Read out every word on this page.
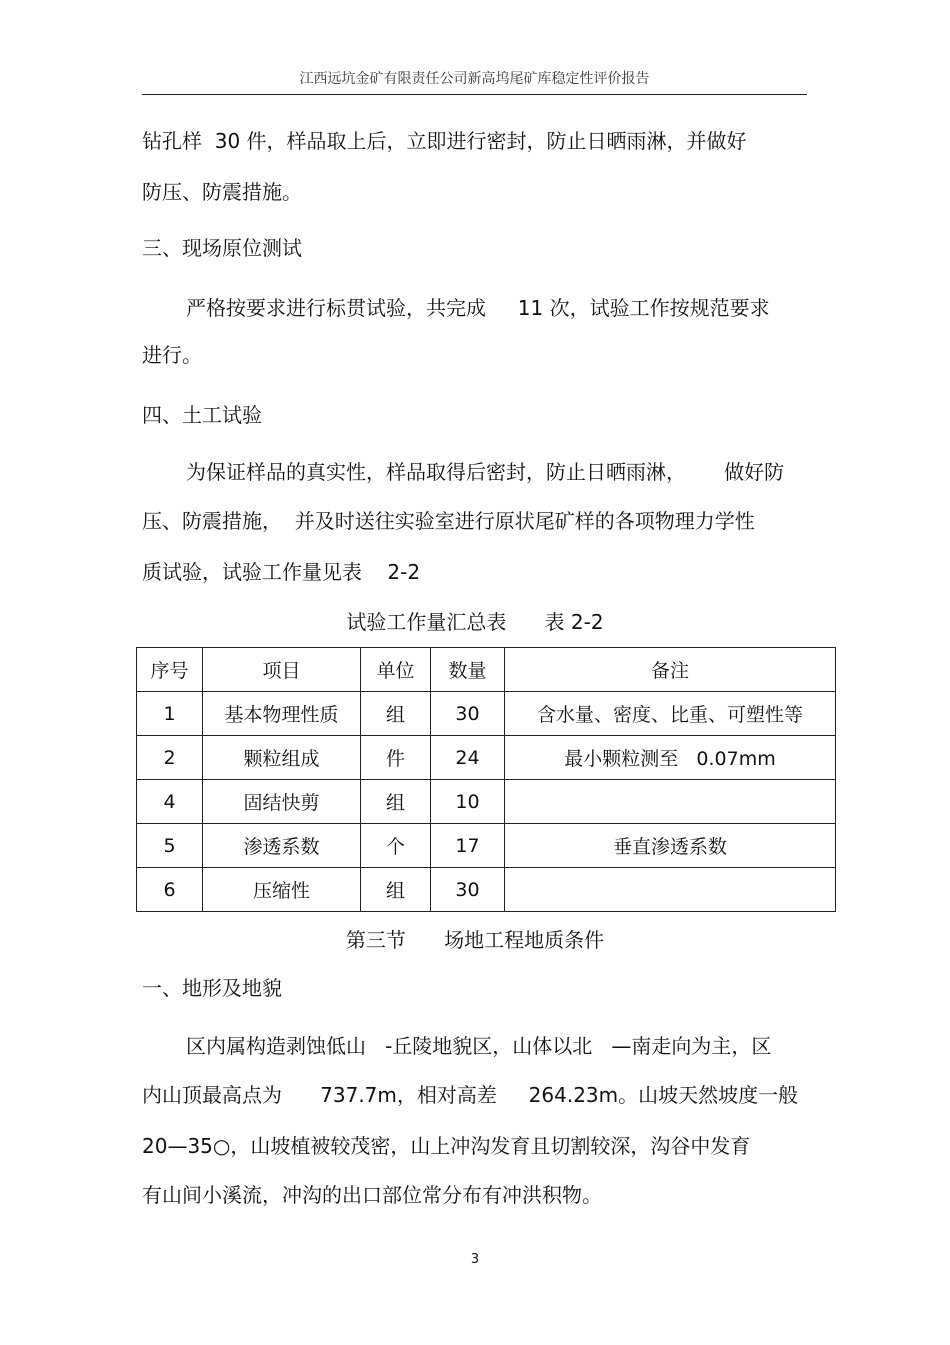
江西远坑金矿有限责任公司新高坞尾矿库稳定性评价报告
钻孔样  30 件，样品取上后，立即进行密封，防止日晒雨淋，并做好
防压、防震措施。
三、现场原位测试
严格按要求进行标贯试验，共完成     11 次，试验工作按规范要求
进行。
四、土工试验
为保证样品的真实性，样品取得后密封，防止日晒雨淋，      做好防
压、防震措施，  并及时送往实验室进行原状尾矿样的各项物理力学性
质试验，试验工作量见表    2-2
试验工作量汇总表      表 2-2
序号	项目	单位	数量	备注
1	基本物理性质	组	30	含水量、密度、比重、可塑性等
2	颗粒组成	件	24	最小颗粒测至   0.07mm
4	固结快剪	组	10	
5	渗透系数	个	17	垂直渗透系数
6	压缩性	组	30	
第三节      场地工程地质条件
一、地形及地貌
区内属构造剥蚀低山   -丘陵地貌区，山体以北   —南走向为主，区
内山顶最高点为      737.7m，相对高差     264.23m。山坡天然坡度一般
20—35○，山坡植被较茂密，山上冲沟发育且切割较深，沟谷中发育
有山间小溪流，冲沟的出口部位常分布有冲洪积物。
3
